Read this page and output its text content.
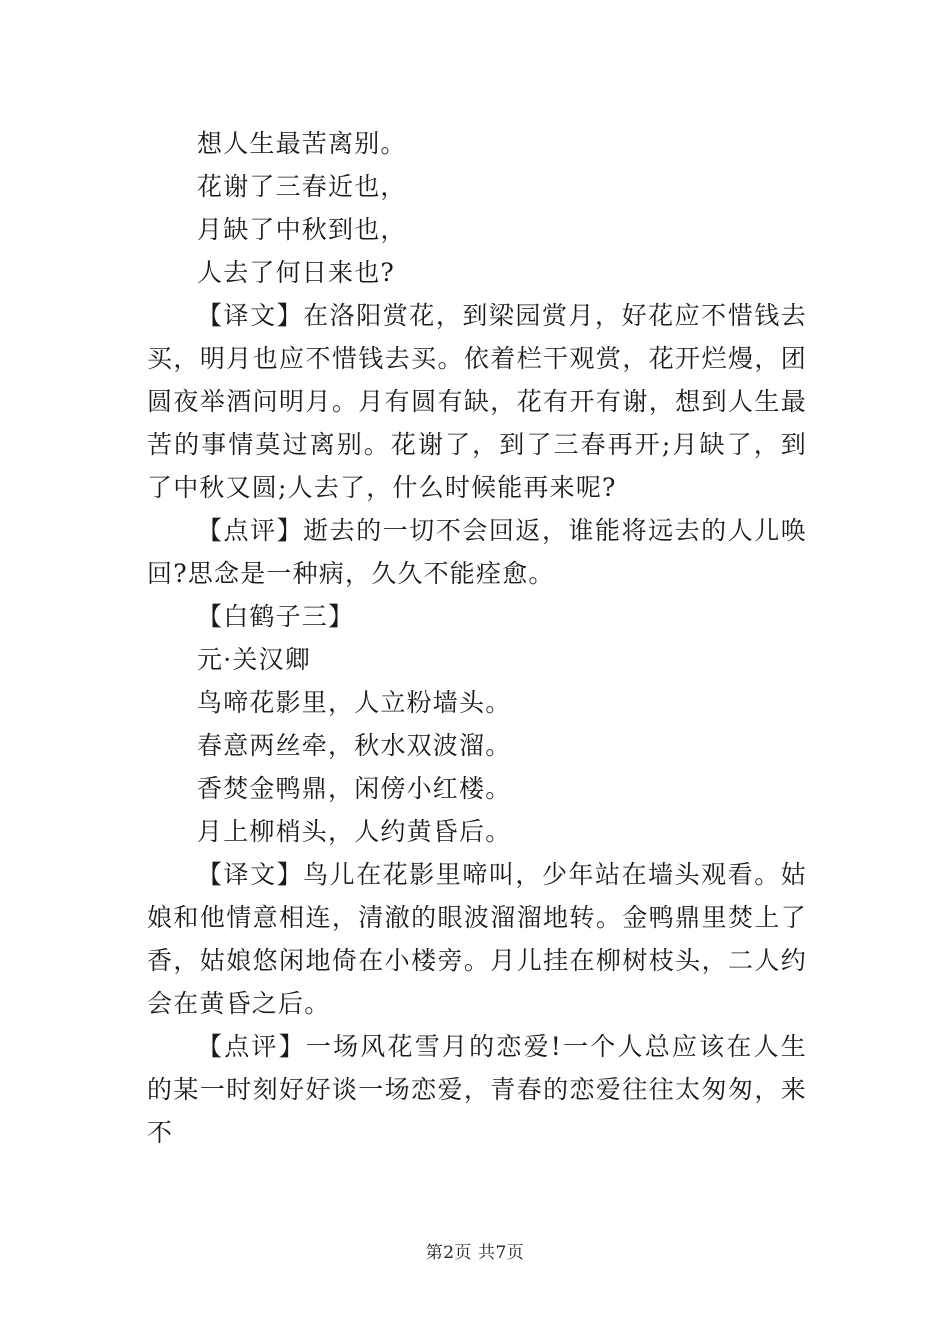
想人生最苦离别。
花谢了三春近也，
月缺了中秋到也，
人去了何日来也?

【译文】在洛阳赏花，到梁园赏月，好花应不惜钱去买，明月也应不惜钱去买。依着栏干观赏，花开烂熳，团圆夜举酒问明月。月有圆有缺，花有开有谢，想到人生最苦的事情莫过离别。花谢了，到了三春再开;月缺了，到了中秋又圆;人去了，什么时候能再来呢?

【点评】逝去的一切不会回返，谁能将远去的人儿唤回?思念是一种病，久久不能痊愈。

【白鹤子三】
元·关汉卿
鸟啼花影里，人立粉墙头。
春意两丝牵，秋水双波溜。
香焚金鸭鼎，闲傍小红楼。
月上柳梢头，人约黄昏后。

【译文】鸟儿在花影里啼叫，少年站在墙头观看。姑娘和他情意相连，清澈的眼波溜溜地转。金鸭鼎里焚上了香，姑娘悠闲地倚在小楼旁。月儿挂在柳树枝头，二人约会在黄昏之后。

【点评】一场风花雪月的恋爱!一个人总应该在人生的某一时刻好好谈一场恋爱，青春的恋爱往往太匆匆，来不

第2页 共7页
